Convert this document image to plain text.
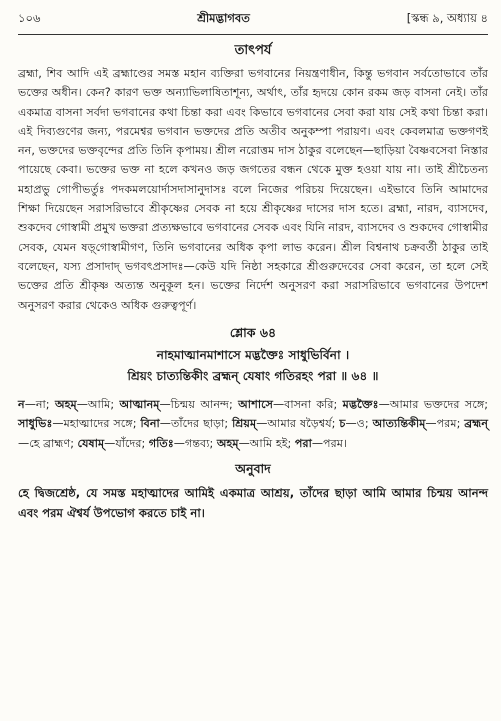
১০৬	শ্রীমদ্ভাগবত	[স্কন্ধ ৯, অধ্যায় ৪
তাৎপর্য

ব্রহ্মা, শিব আদি এই ব্রহ্মাণ্ডের সমস্ত মহান ব্যক্তিরা ভগবানের নিয়ন্ত্রণাধীন, কিন্তু ভগবান সর্বতোভাবে তাঁর ভক্তের অধীন। কেন? কারণ ভক্ত অন্যাভিলাষিতাশূন্য, অর্থাৎ, তাঁর হৃদয়ে কোন রকম জড় বাসনা নেই। তাঁর একমাত্র বাসনা সর্বদা ভগবানের কথা চিন্তা করা এবং কিভাবে ভগবানের সেবা করা যায় সেই কথা চিন্তা করা। এই দিব্যগুণের জন্য, পরমেশ্বর ভগবান ভক্তদের প্রতি অতীব অনুকম্পা পরায়ণ। এবং কেবলমাত্র ভক্তগণই নন, ভক্তদের ভক্তবৃন্দের প্রতি তিনি কৃপাময়। শ্রীল নরোত্তম দাস ঠাকুর বলেছেন—ছাড়িয়া বৈষ্ণবসেবা নিস্তার পায়েছে কেবা। ভক্তের ভক্ত না হলে কখনও জড় জগতের বন্ধন থেকে মুক্ত হওয়া যায় না। তাই শ্রীচৈতন্য মহাপ্রভু গোপীভর্তুঃ পদকমলয়োর্দাসদাসানুদাসঃ বলে নিজের পরিচয় দিয়েছেন। এইভাবে তিনি আমাদের শিক্ষা দিয়েছেন সরাসরিভাবে শ্রীকৃষ্ণের সেবক না হয়ে শ্রীকৃষ্ণের দাসের দাস হতে। ব্রহ্মা, নারদ, ব্যাসদেব, শুকদেব গোস্বামী প্রমুখ ভক্তরা প্রত্যক্ষভাবে ভগবানের সেবক এবং যিনি নারদ, ব্যাসদেব ও শুকদেব গোস্বামীর সেবক, যেমন ষড়্‌গোস্বামীগণ, তিনি ভগবানের অধিক কৃপা লাভ করেন। শ্রীল বিশ্বনাথ চক্রবর্তী ঠাকুর তাই বলেছেন, যস্য প্রসাদাদ্ ভগবৎপ্রসাদঃ—কেউ যদি নিষ্ঠা সহকারে শ্রীগুরুদেবের সেবা করেন, তা হলে সেই ভক্তের প্রতি শ্রীকৃষ্ণ অত্যন্ত অনুকূল হন। ভক্তের নির্দেশ অনুসরণ করা সরাসরিভাবে ভগবানের উপদেশ অনুসরণ করার থেকেও অধিক গুরুত্বপূর্ণ।

শ্লোক ৬৪
নাহমাত্মানমাশাসে মদ্ভক্তৈঃ সাধুভির্বিনা ।
শ্রিয়ং চাত্যন্তিকীং ব্রহ্মন্ যেষাং গতিরহং পরা ॥ ৬৪ ॥
ন—না; অহম্—আমি; আত্মানম্—চিন্ময় আনন্দ; আশাসে—বাসনা করি; মদ্ভক্তৈঃ—আমার ভক্তদের সঙ্গে; সাধুভিঃ—মহাত্মাদের সঙ্গে; বিনা—তাঁদের ছাড়া; শ্রিয়ম্—আমার ষড়ৈশ্বর্য; চ—ও; আত্যন্তিকীম্—পরম; ব্রহ্মন্—হে ব্রাহ্মণ; যেষাম্—যাঁদের; গতিঃ—গন্তব্য; অহম্—আমি হই; পরা—পরম।
অনুবাদ
হে দ্বিজশ্রেষ্ঠ, যে সমস্ত মহাত্মাদের আমিই একমাত্র আশ্রয়, তাঁদের ছাড়া আমি আমার চিন্ময় আনন্দ এবং পরম ঐশ্বর্য উপভোগ করতে চাই না।
